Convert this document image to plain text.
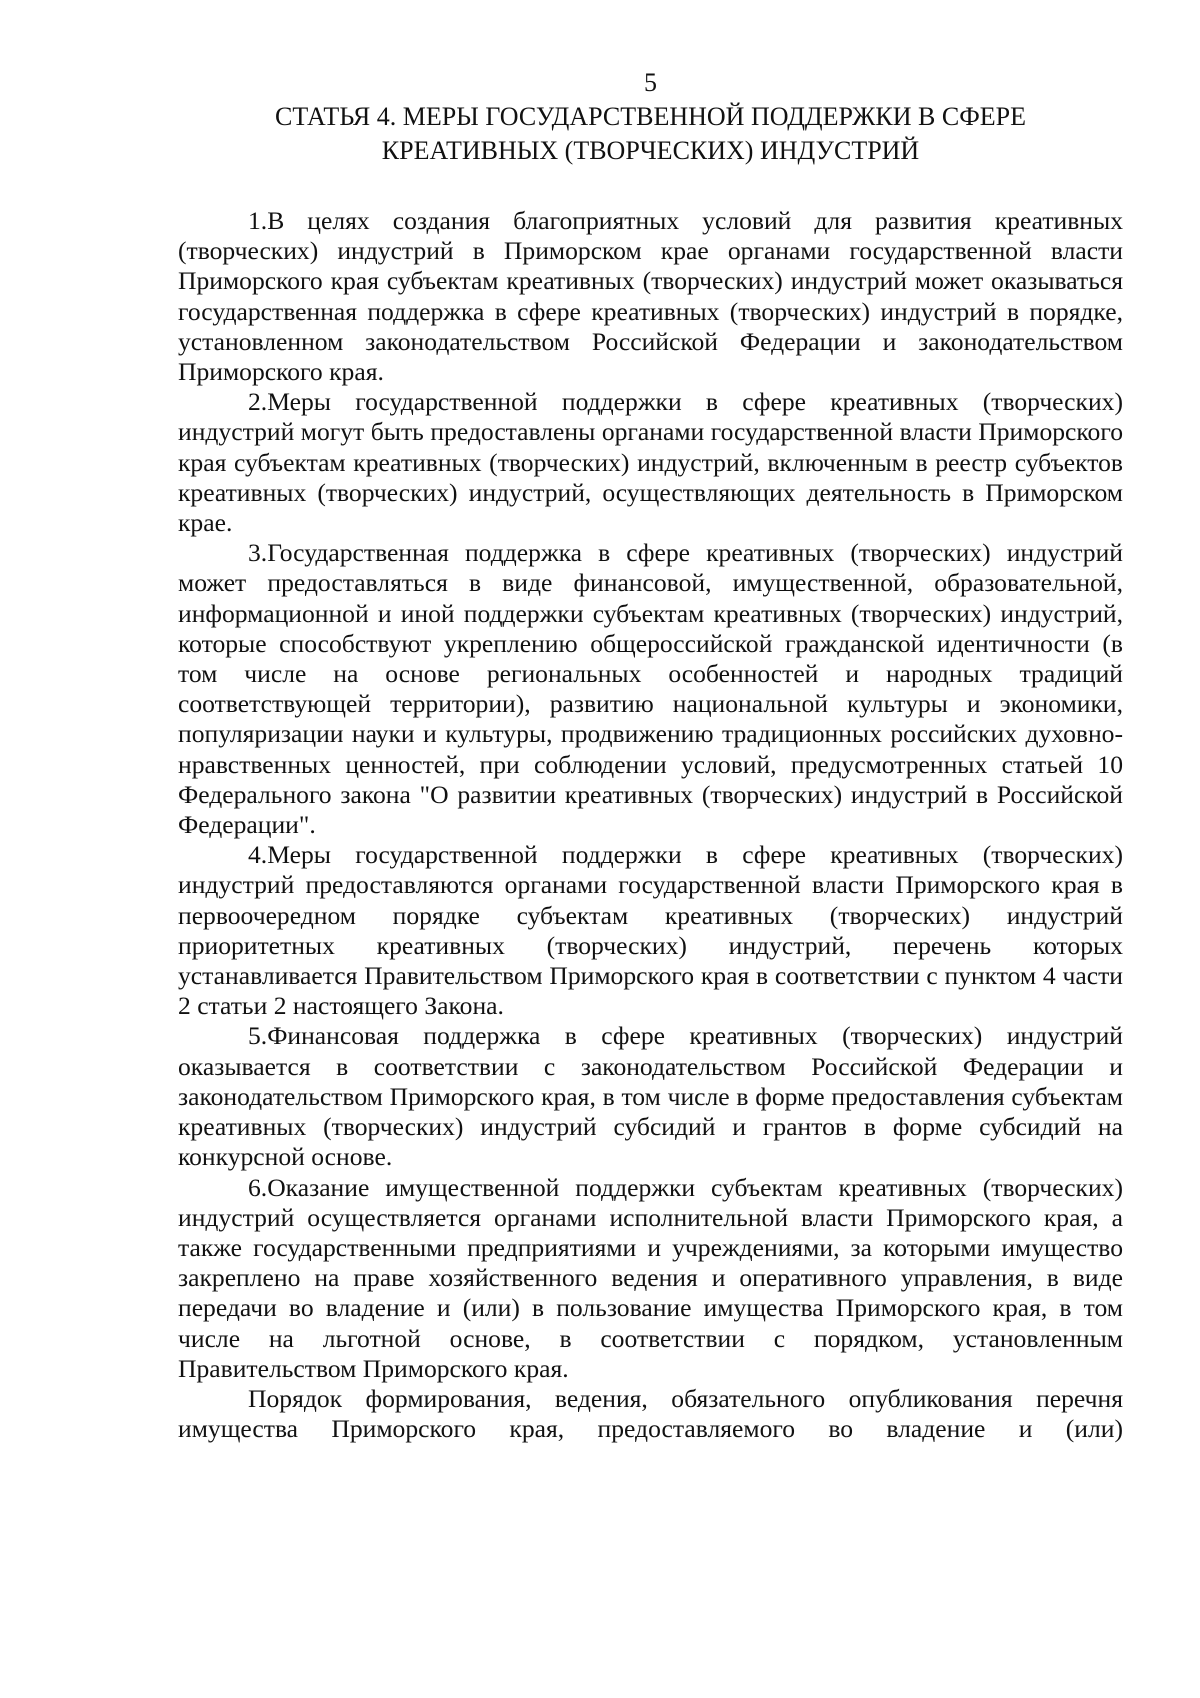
5
СТАТЬЯ 4. МЕРЫ ГОСУДАРСТВЕННОЙ ПОДДЕРЖКИ В СФЕРЕ
КРЕАТИВНЫХ (ТВОРЧЕСКИХ) ИНДУСТРИЙ

1.В целях создания благоприятных условий для развития креативных (творческих) индустрий в Приморском крае органами государственной власти Приморского края субъектам креативных (творческих) индустрий может оказываться государственная поддержка в сфере креативных (творческих) индустрий в порядке, установленном законодательством Российской Федерации и законодательством Приморского края.

2.Меры государственной поддержки в сфере креативных (творческих) индустрий могут быть предоставлены органами государственной власти Приморского края субъектам креативных (творческих) индустрий, включенным в реестр субъектов креативных (творческих) индустрий, осуществляющих деятельность в Приморском крае.

3.Государственная поддержка в сфере креативных (творческих) индустрий может предоставляться в виде финансовой, имущественной, образовательной, информационной и иной поддержки субъектам креативных (творческих) индустрий, которые способствуют укреплению общероссийской гражданской идентичности (в том числе на основе региональных особенностей и народных традиций соответствующей территории), развитию национальной культуры и экономики, популяризации науки и культуры, продвижению традиционных российских духовно-нравственных ценностей, при соблюдении условий, предусмотренных статьей 10 Федерального закона "О развитии креативных (творческих) индустрий в Российской Федерации".

4.Меры государственной поддержки в сфере креативных (творческих) индустрий предоставляются органами государственной власти Приморского края в первоочередном порядке субъектам креативных (творческих) индустрий приоритетных креативных (творческих) индустрий, перечень которых устанавливается Правительством Приморского края в соответствии с пунктом 4 части 2 статьи 2 настоящего Закона.

5.Финансовая поддержка в сфере креативных (творческих) индустрий оказывается в соответствии с законодательством Российской Федерации и законодательством Приморского края, в том числе в форме предоставления субъектам креативных (творческих) индустрий субсидий и грантов в форме субсидий на конкурсной основе.

6.Оказание имущественной поддержки субъектам креативных (творческих) индустрий осуществляется органами исполнительной власти Приморского края, а также государственными предприятиями и учреждениями, за которыми имущество закреплено на праве хозяйственного ведения и оперативного управления, в виде передачи во владение и (или) в пользование имущества Приморского края, в том числе на льготной основе, в соответствии с порядком, установленным Правительством Приморского края.

Порядок формирования, ведения, обязательного опубликования перечня имущества Приморского края, предоставляемого во владение и (или)
